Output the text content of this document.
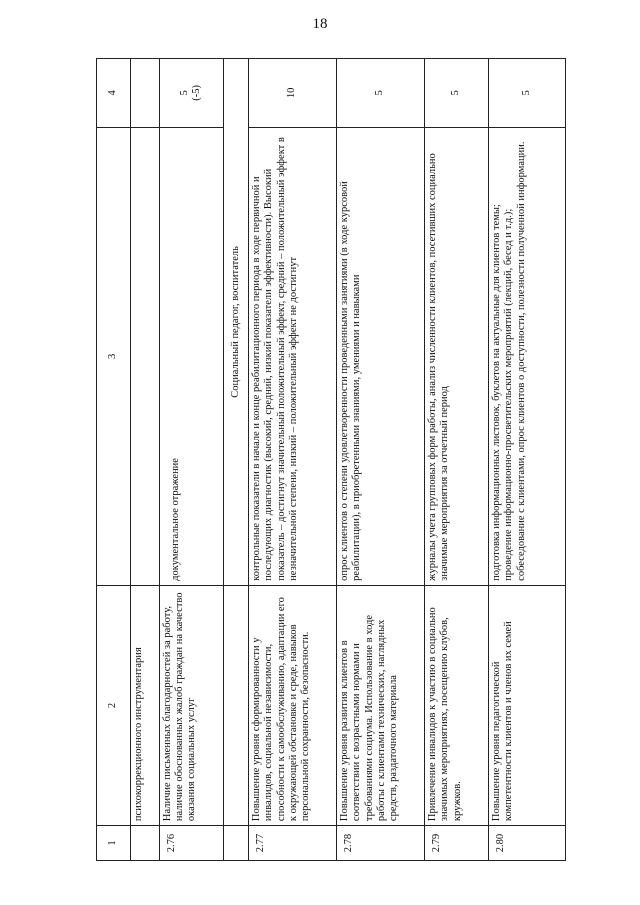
18
1	2	3	4
	психокоррекционного инструментария		
2.76	Наличие письменных благодарностей за работу, наличие обоснованных жалоб граждан на качество оказания социальных услуг	документальное отражение	5
(-5)
		Социальный педагог, воспитатель	
2.77	Повышение уровня сформированности у инвалидов, социальной независимости, способности к самообслуживанию, адаптации его к окружающей обстановке и среде, навыков персональной сохранности, безопасности.	контрольные показатели в начале и конце реабилитационного периода в ходе первичной и последующих диагностик (высокий, средний, низкий показатели эффективности). Высокий показатель – достигнут значительный положительный эффект, средний – положительный эффект в незначительной степени, низкий – положительный эффект не достигнут	10
2.78	Повышение уровня развития клиентов в соответствии с возрастными нормами и требованиями социума. Использование в ходе работы с клиентами технических, наглядных средств, раздаточного материала	опрос клиентов о степени удовлетворенности проведенными занятиями (в ходе курсовой реабилитации), в приобретенными знаниями, умениями и навыками	5
2.79	Привлечение инвалидов к участию в социально значимых мероприятиях, посещению клубов, кружков.	журналы учета групповых форм работы, анализ численности клиентов, посетивших социально значимые мероприятия за отчетный период	5
2.80	Повышение уровня педагогической компетентности клиентов и членов их семей	подготовка информационных листовок, буклетов на актуальные для клиентов темы;
проведение информационно-просветительских мероприятий (лекций, бесед и т.д.);
собеседование с клиентами, опрос клиентов о доступности, полезности полученной информации.	5
